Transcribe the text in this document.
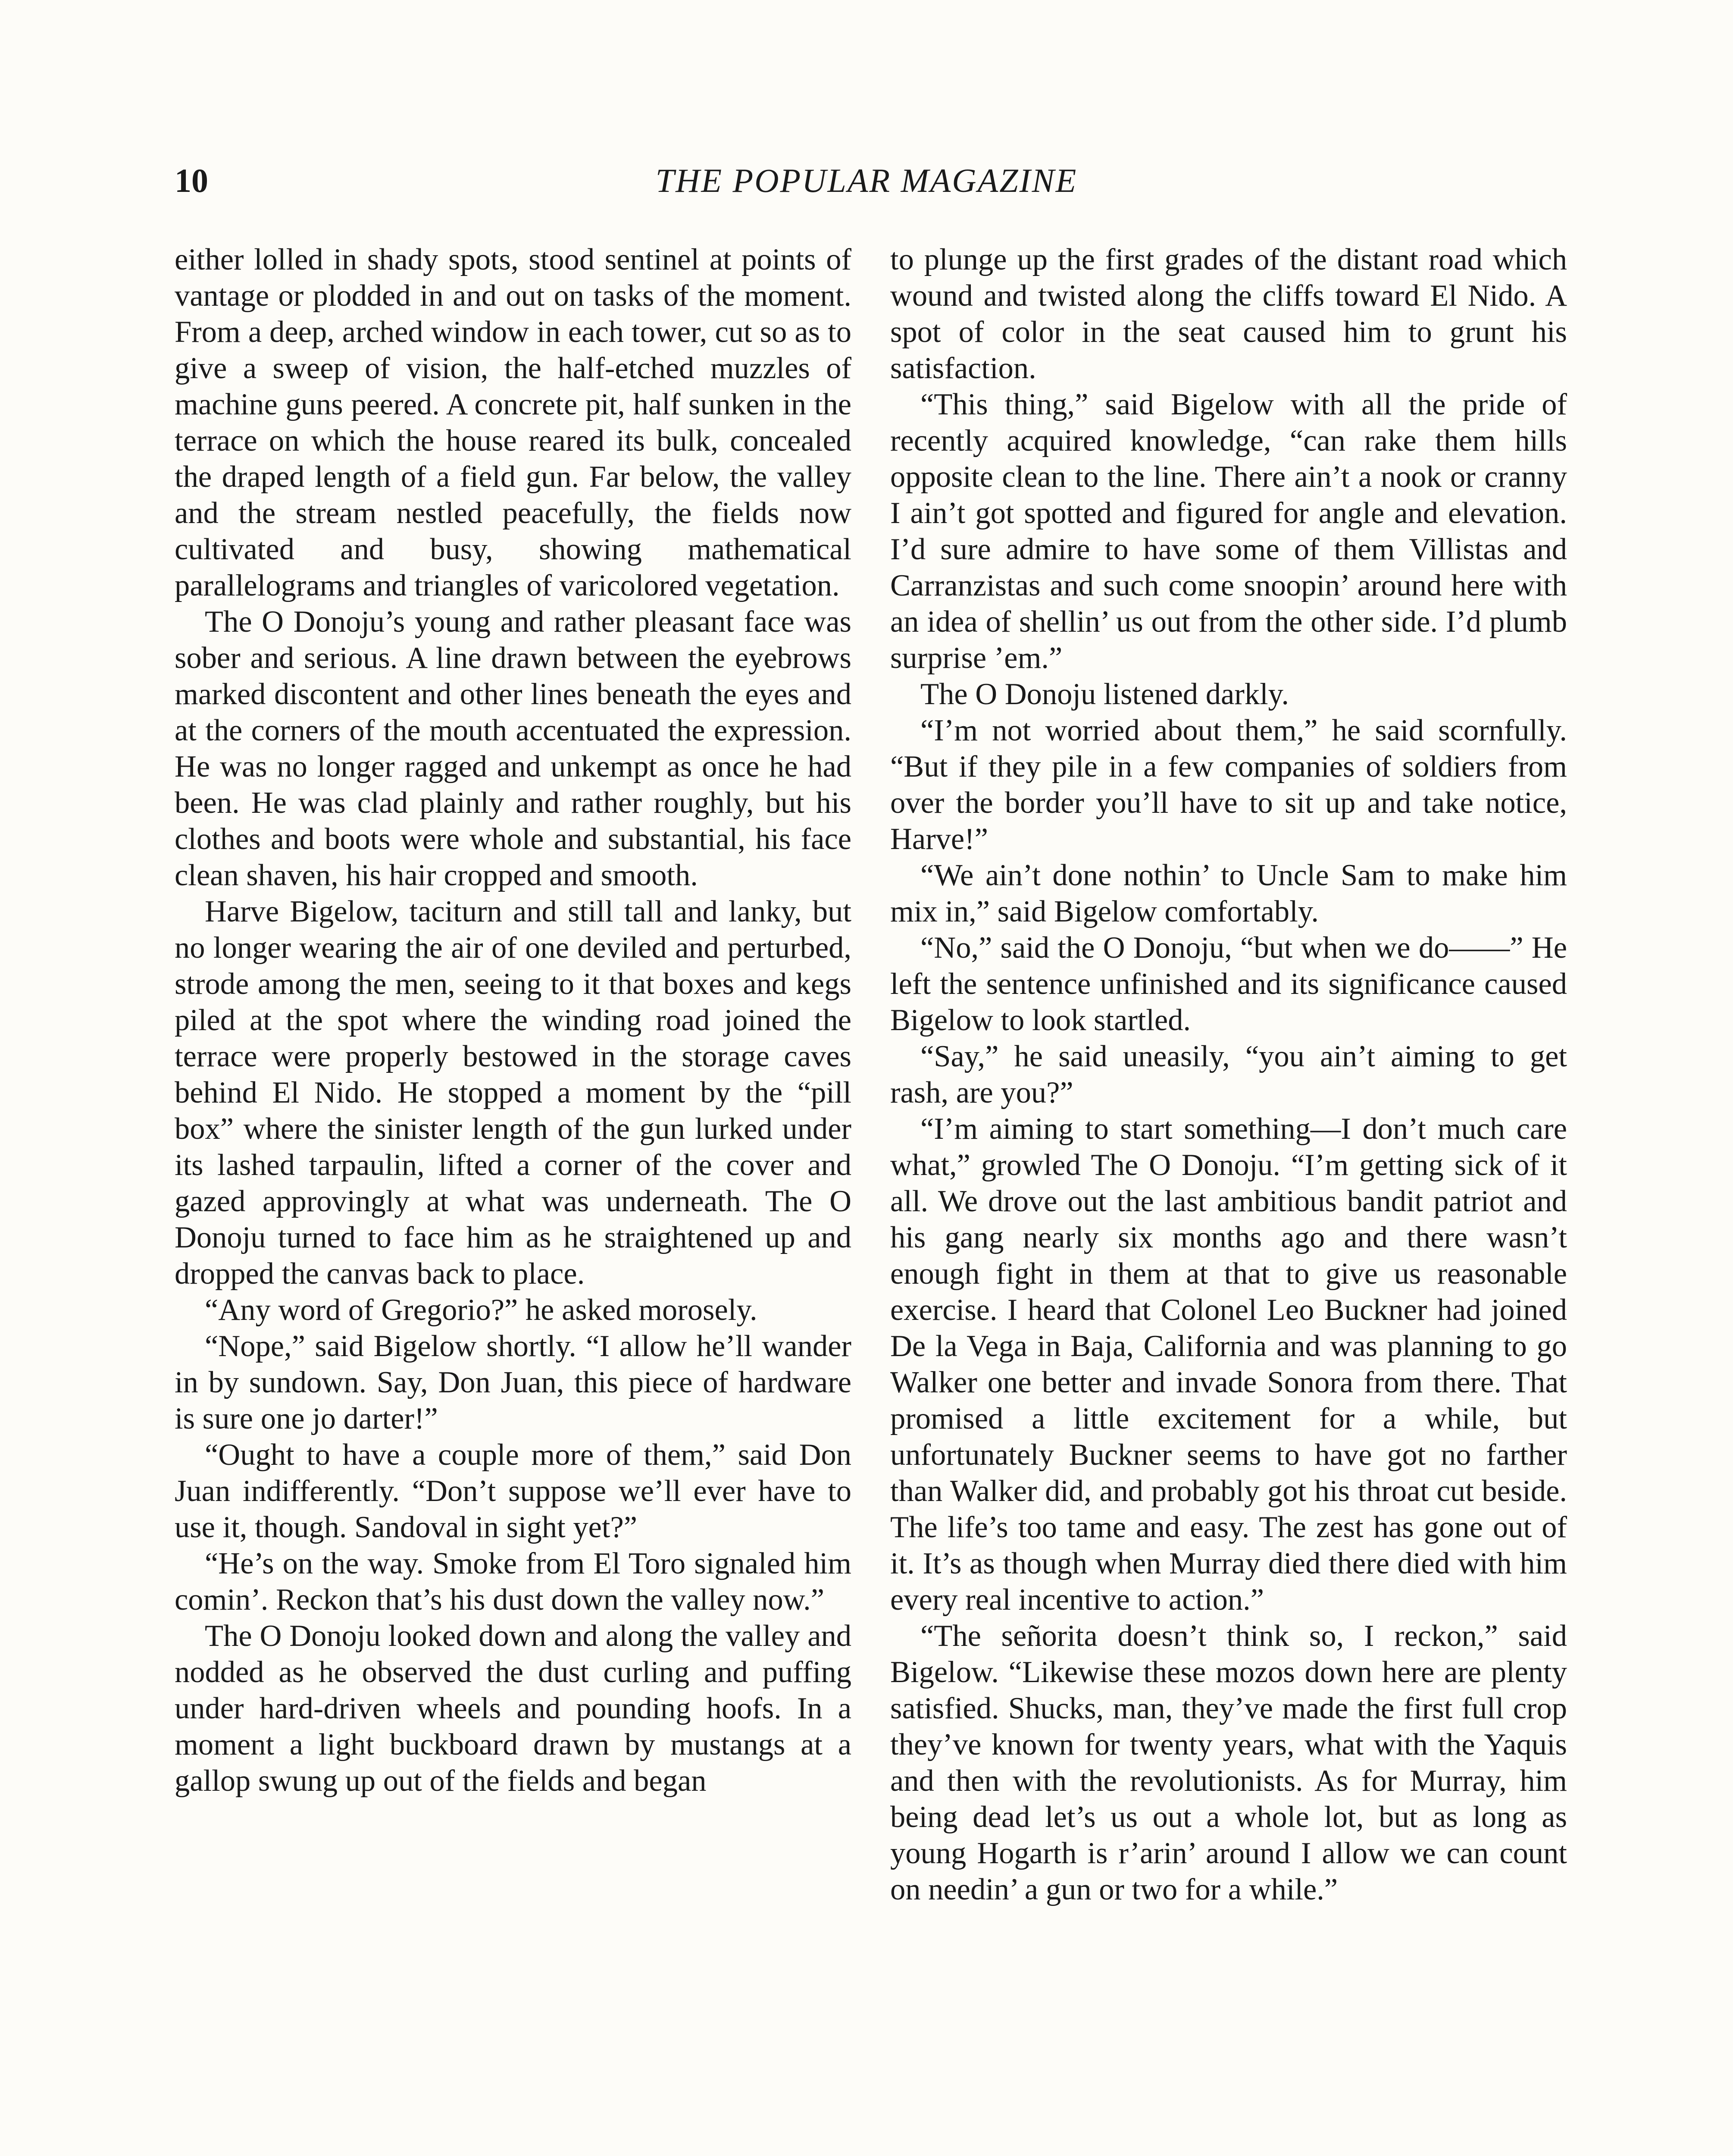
10	THE POPULAR MAGAZINE

either lolled in shady spots, stood sentinel at points of vantage or plodded in and out on tasks of the moment. From a deep, arched window in each tower, cut so as to give a sweep of vision, the half-etched muzzles of machine guns peered. A concrete pit, half sunken in the terrace on which the house reared its bulk, concealed the draped length of a field gun. Far below, the valley and the stream nestled peacefully, the fields now cultivated and busy, showing mathematical parallelograms and triangles of varicolored vegetation.

The O Donoju’s young and rather pleasant face was sober and serious. A line drawn between the eyebrows marked discontent and other lines beneath the eyes and at the corners of the mouth accentuated the expression. He was no longer ragged and unkempt as once he had been. He was clad plainly and rather roughly, but his clothes and boots were whole and substantial, his face clean shaven, his hair cropped and smooth.

Harve Bigelow, taciturn and still tall and lanky, but no longer wearing the air of one deviled and perturbed, strode among the men, seeing to it that boxes and kegs piled at the spot where the winding road joined the terrace were properly bestowed in the storage caves behind El Nido. He stopped a moment by the “pill box” where the sinister length of the gun lurked under its lashed tarpaulin, lifted a corner of the cover and gazed approvingly at what was underneath. The O Donoju turned to face him as he straightened up and dropped the canvas back to place.

“Any word of Gregorio?” he asked morosely.

“Nope,” said Bigelow shortly. “I allow he’ll wander in by sundown. Say, Don Juan, this piece of hardware is sure one jo darter!”

“Ought to have a couple more of them,” said Don Juan indifferently. “Don’t suppose we’ll ever have to use it, though. Sandoval in sight yet?”

“He’s on the way. Smoke from El Toro signaled him comin’. Reckon that’s his dust down the valley now.”

The O Donoju looked down and along the valley and nodded as he observed the dust curling and puffing under hard-driven wheels and pounding hoofs. In a moment a light buckboard drawn by mustangs at a gallop swung up out of the fields and began

to plunge up the first grades of the distant road which wound and twisted along the cliffs toward El Nido. A spot of color in the seat caused him to grunt his satisfaction.

“This thing,” said Bigelow with all the pride of recently acquired knowledge, “can rake them hills opposite clean to the line. There ain’t a nook or cranny I ain’t got spotted and figured for angle and elevation. I’d sure admire to have some of them Villistas and Carranzistas and such come snoopin’ around here with an idea of shellin’ us out from the other side. I’d plumb surprise ’em.”

The O Donoju listened darkly.

“I’m not worried about them,” he said scornfully. “But if they pile in a few companies of soldiers from over the border you’ll have to sit up and take notice, Harve!”

“We ain’t done nothin’ to Uncle Sam to make him mix in,” said Bigelow comfortably.

“No,” said the O Donoju, “but when we do——” He left the sentence unfinished and its significance caused Bigelow to look startled.

“Say,” he said uneasily, “you ain’t aiming to get rash, are you?”

“I’m aiming to start something—I don’t much care what,” growled The O Donoju. “I’m getting sick of it all. We drove out the last ambitious bandit patriot and his gang nearly six months ago and there wasn’t enough fight in them at that to give us reasonable exercise. I heard that Colonel Leo Buckner had joined De la Vega in Baja, California and was planning to go Walker one better and invade Sonora from there. That promised a little excitement for a while, but unfortunately Buckner seems to have got no farther than Walker did, and probably got his throat cut beside. The life’s too tame and easy. The zest has gone out of it. It’s as though when Murray died there died with him every real incentive to action.”

“The señorita doesn’t think so, I reckon,” said Bigelow. “Likewise these mozos down here are plenty satisfied. Shucks, man, they’ve made the first full crop they’ve known for twenty years, what with the Yaquis and then with the revolutionists. As for Murray, him being dead let’s us out a whole lot, but as long as young Hogarth is r’arin’ around I allow we can count on needin’ a gun or two for a while.”
